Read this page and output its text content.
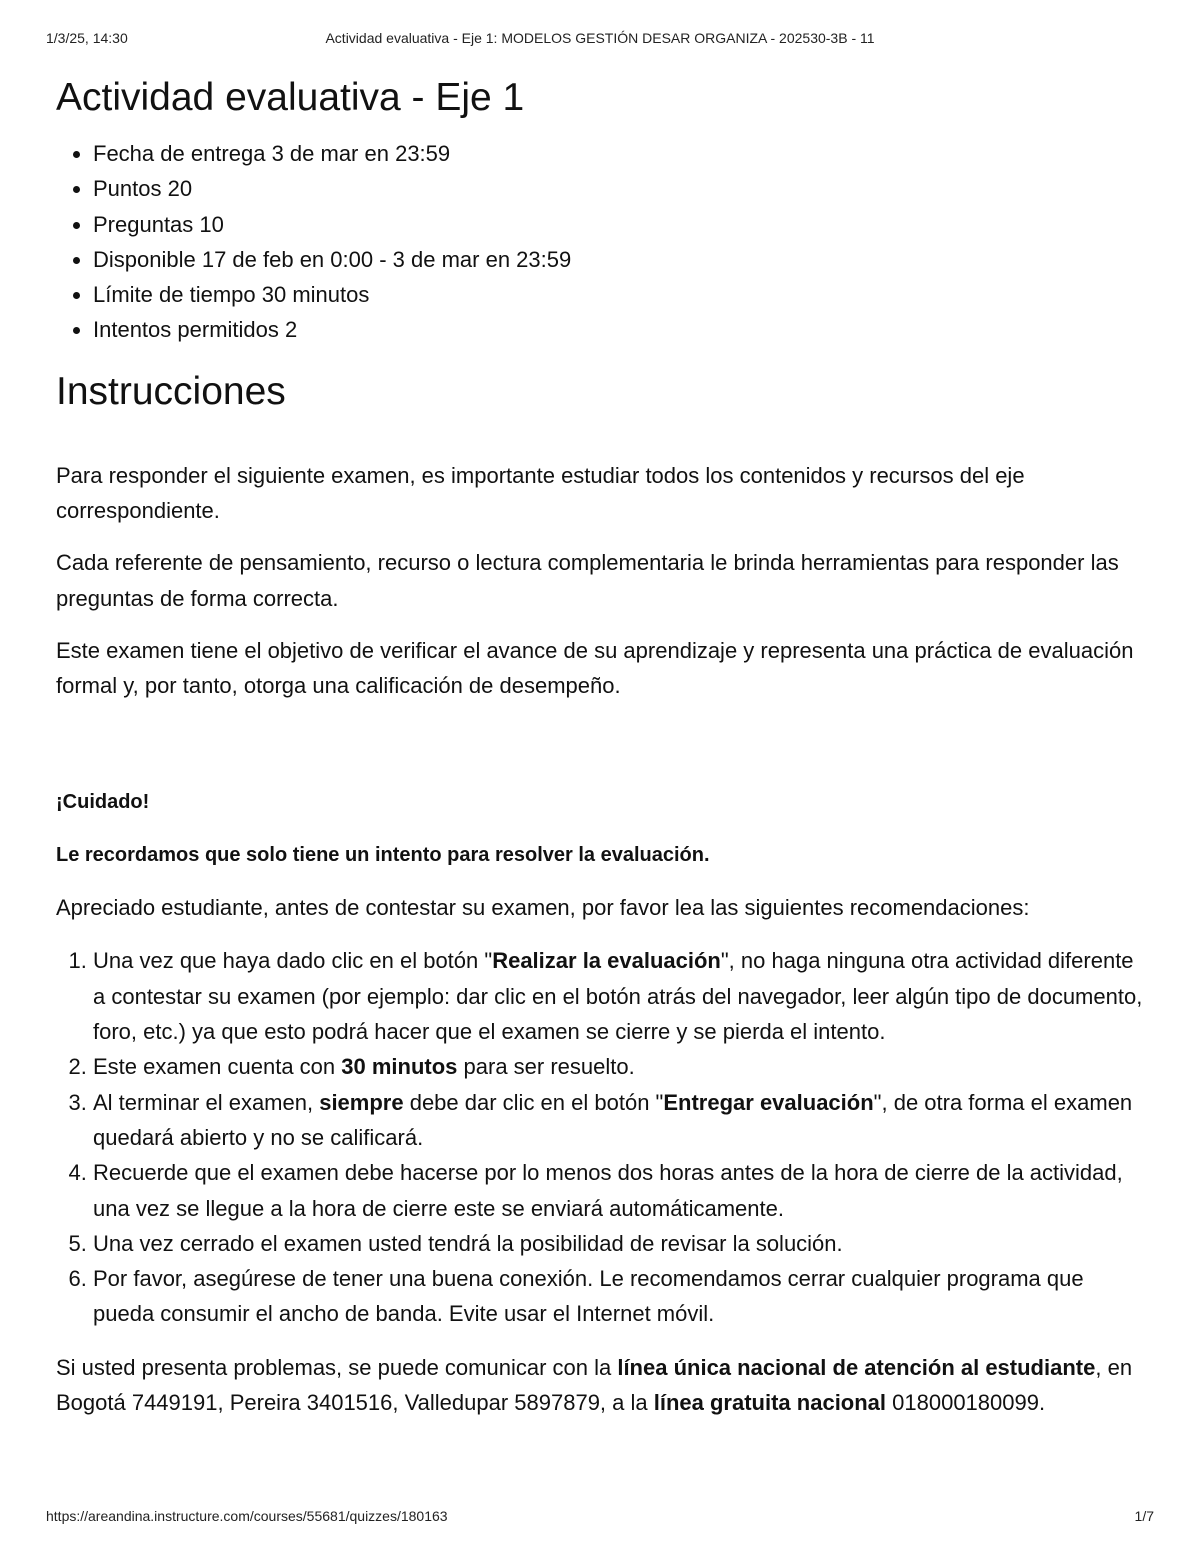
1/3/25, 14:30	Actividad evaluativa - Eje 1: MODELOS GESTIÓN DESAR ORGANIZA - 202530-3B - 11
Actividad evaluativa - Eje 1
• Fecha de entrega 3 de mar en 23:59
• Puntos 20
• Preguntas 10
• Disponible 17 de feb en 0:00 - 3 de mar en 23:59
• Límite de tiempo 30 minutos
• Intentos permitidos 2
Instrucciones

Para responder el siguiente examen, es importante estudiar todos los contenidos y recursos del eje correspondiente.

Cada referente de pensamiento, recurso o lectura complementaria le brinda herramientas para responder las preguntas de forma correcta.

Este examen tiene el objetivo de verificar el avance de su aprendizaje y representa una práctica de evaluación formal y, por tanto, otorga una calificación de desempeño.

¡Cuidado!

Le recordamos que solo tiene un intento para resolver la evaluación.

Apreciado estudiante, antes de contestar su examen, por favor lea las siguientes recomendaciones:

1. Una vez que haya dado clic en el botón "Realizar la evaluación", no haga ninguna otra actividad diferente a contestar su examen (por ejemplo: dar clic en el botón atrás del navegador, leer algún tipo de documento, foro, etc.) ya que esto podrá hacer que el examen se cierre y se pierda el intento.
2. Este examen cuenta con 30 minutos para ser resuelto.
3. Al terminar el examen, siempre debe dar clic en el botón "Entregar evaluación", de otra forma el examen quedará abierto y no se calificará.
4. Recuerde que el examen debe hacerse por lo menos dos horas antes de la hora de cierre de la actividad, una vez se llegue a la hora de cierre este se enviará automáticamente.
5. Una vez cerrado el examen usted tendrá la posibilidad de revisar la solución.
6. Por favor, asegúrese de tener una buena conexión. Le recomendamos cerrar cualquier programa que pueda consumir el ancho de banda. Evite usar el Internet móvil.

Si usted presenta problemas, se puede comunicar con la línea única nacional de atención al estudiante, en Bogotá 7449191, Pereira 3401516, Valledupar 5897879, a la línea gratuita nacional 018000180099.

https://areandina.instructure.com/courses/55681/quizzes/180163	1/7
